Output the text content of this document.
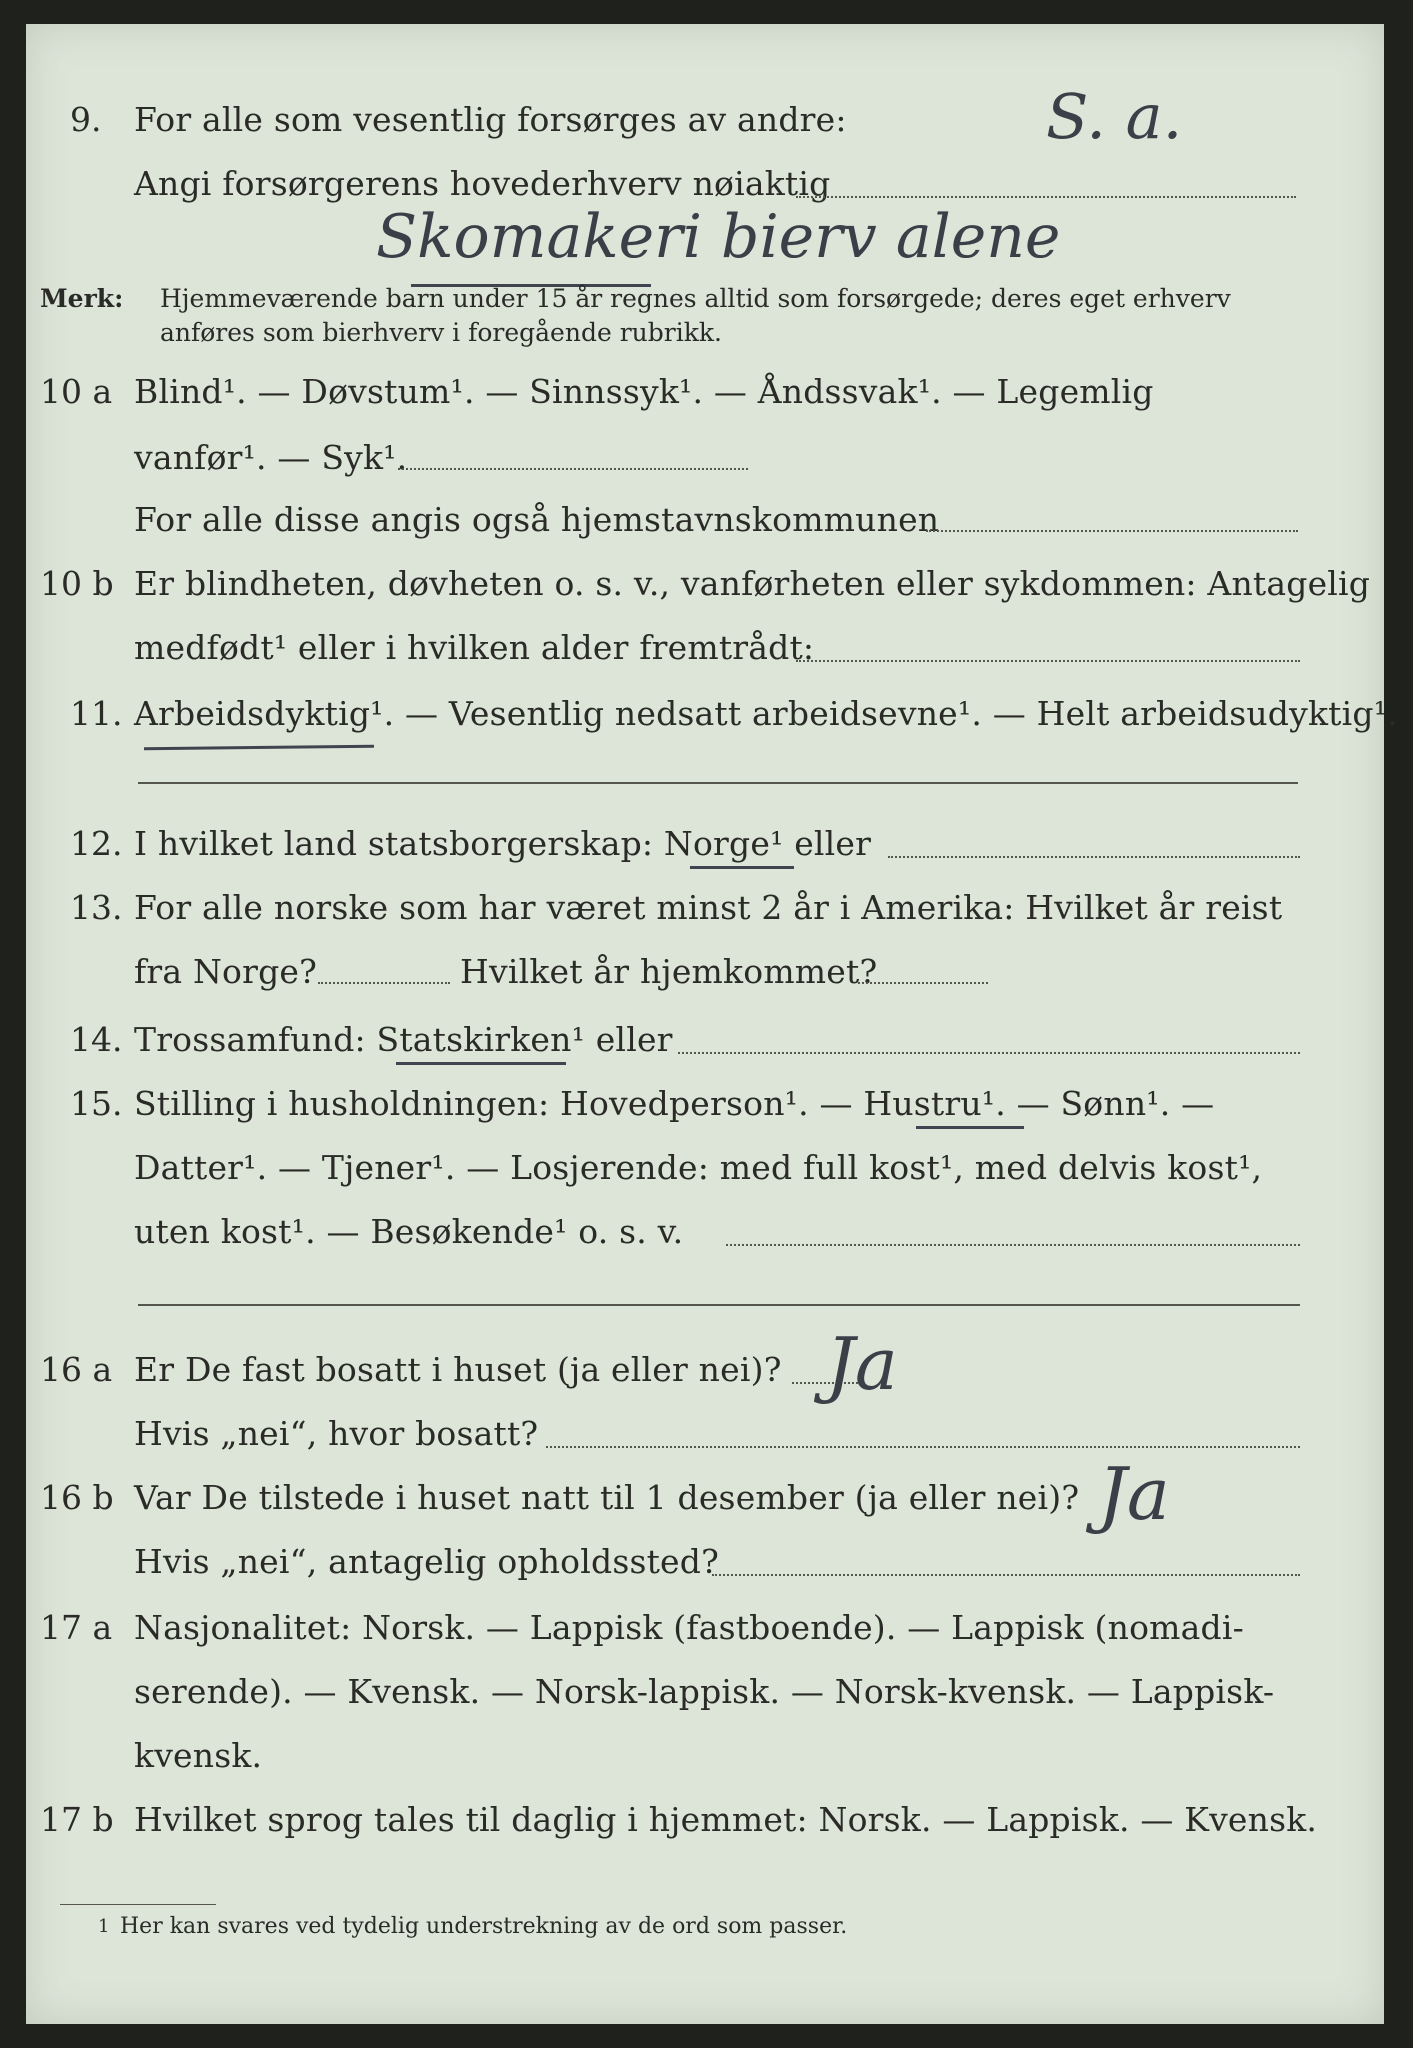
9. For alle som vesentlig forsørges av andre:	S. a.
Angi forsørgerens hovederhverv nøiaktig
Skomakeri bierv alene
Merk: Hjemmeværende barn under 15 år regnes alltid som forsørgede; deres eget erhverv
anføres som bierhverv i foregående rubrikk.
10 a Blind¹. — Døvstum¹. — Sinnssyk¹. — Åndssvak¹. — Legemlig
vanfør¹. — Syk¹.
For alle disse angis også hjemstavnskommunen
10 b Er blindheten, døvheten o. s. v., vanførheten eller sykdommen: Antagelig
medfødt¹ eller i hvilken alder fremtrådt:
11. Arbeidsdyktig¹. — Vesentlig nedsatt arbeidsevne¹. — Helt arbeidsudyktig¹.
12. I hvilket land statsborgerskap: Norge¹ eller
13. For alle norske som har været minst 2 år i Amerika: Hvilket år reist
fra Norge?	Hvilket år hjemkommet?
14. Trossamfund: Statskirken¹ eller
15. Stilling i husholdningen: Hovedperson¹. — Hustru¹. — Sønn¹. —
Datter¹. — Tjener¹. — Losjerende: med full kost¹, med delvis kost¹,
uten kost¹. — Besøkende¹ o. s. v.
16 a Er De fast bosatt i huset (ja eller nei)? Ja
Hvis „nei“, hvor bosatt?
16 b Var De tilstede i huset natt til 1 desember (ja eller nei)? Ja
Hvis „nei“, antagelig opholdssted?
17 a Nasjonalitet: Norsk. — Lappisk (fastboende). — Lappisk (nomadi-
serende). — Kvensk. — Norsk-lappisk. — Norsk-kvensk. — Lappisk-
kvensk.
17 b Hvilket sprog tales til daglig i hjemmet: Norsk. — Lappisk. — Kvensk.
1 Her kan svares ved tydelig understrekning av de ord som passer.
